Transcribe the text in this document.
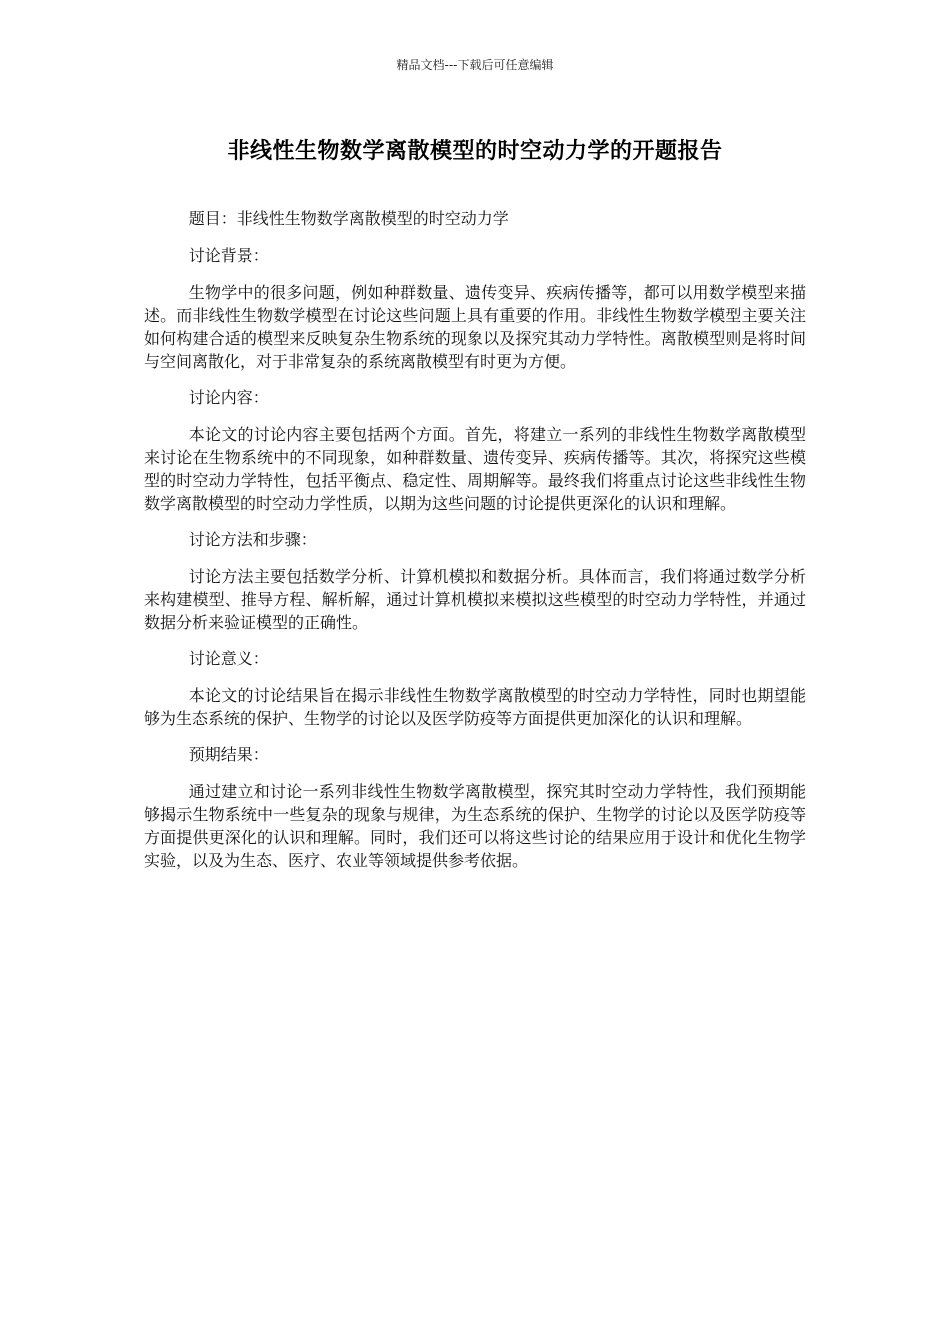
精品文档---下载后可任意编辑
非线性生物数学离散模型的时空动力学的开题报告

题目：非线性生物数学离散模型的时空动力学

讨论背景：

生物学中的很多问题，例如种群数量、遗传变异、疾病传播等，都可以用数学模型来描述。而非线性生物数学模型在讨论这些问题上具有重要的作用。非线性生物数学模型主要关注如何构建合适的模型来反映复杂生物系统的现象以及探究其动力学特性。离散模型则是将时间与空间离散化，对于非常复杂的系统离散模型有时更为方便。

讨论内容：

本论文的讨论内容主要包括两个方面。首先，将建立一系列的非线性生物数学离散模型来讨论在生物系统中的不同现象，如种群数量、遗传变异、疾病传播等。其次，将探究这些模型的时空动力学特性，包括平衡点、稳定性、周期解等。最终我们将重点讨论这些非线性生物数学离散模型的时空动力学性质，以期为这些问题的讨论提供更深化的认识和理解。

讨论方法和步骤：

讨论方法主要包括数学分析、计算机模拟和数据分析。具体而言，我们将通过数学分析来构建模型、推导方程、解析解，通过计算机模拟来模拟这些模型的时空动力学特性，并通过数据分析来验证模型的正确性。

讨论意义：

本论文的讨论结果旨在揭示非线性生物数学离散模型的时空动力学特性，同时也期望能够为生态系统的保护、生物学的讨论以及医学防疫等方面提供更加深化的认识和理解。

预期结果：

通过建立和讨论一系列非线性生物数学离散模型，探究其时空动力学特性，我们预期能够揭示生物系统中一些复杂的现象与规律，为生态系统的保护、生物学的讨论以及医学防疫等方面提供更深化的认识和理解。同时，我们还可以将这些讨论的结果应用于设计和优化生物学实验，以及为生态、医疗、农业等领域提供参考依据。
